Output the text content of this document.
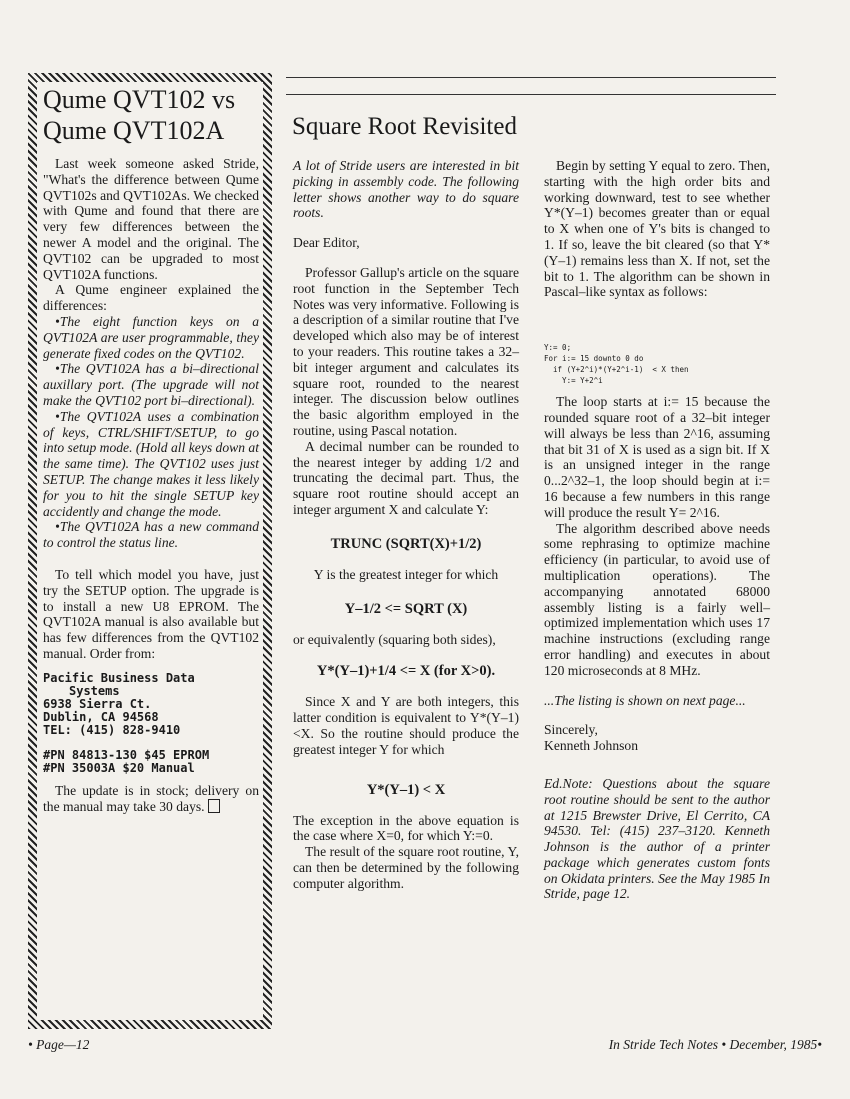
Qume QVT102 vs Qume QVT102A

Last week someone asked Stride, "What's the difference between Qume QVT102s and QVT102As. We checked with Qume and found that there are very few differences between the newer A model and the original. The QVT102 can be upgraded to most QVT102A functions.

A Qume engineer explained the differences:

•The eight function keys on a QVT102A are user programmable, they generate fixed codes on the QVT102.

•The QVT102A has a bi–directional auxillary port. (The upgrade will not make the QVT102 port bi–directional).

•The QVT102A uses a combination of keys, CTRL/SHIFT/SETUP, to go into setup mode. (Hold all keys down at the same time). The QVT102 uses just SETUP. The change makes it less likely for you to hit the single SETUP key accidently and change the mode.

•The QVT102A has a new command to control the status line.

To tell which model you have, just try the SETUP option. The upgrade is to install a new U8 EPROM. The QVT102A manual is also available but has few differences from the QVT102 manual. Order from:

Pacific Business Data
Systems
6938 Sierra Ct.
Dublin, CA 94568
TEL: (415) 828-9410
#PN 84813-130 $45 EPROM
#PN 35003A $20 Manual

The update is in stock; delivery on the manual may take 30 days.

Square Root Revisited

A lot of Stride users are interested in bit picking in assembly code. The following letter shows another way to do square roots.

Dear Editor,

Professor Gallup's article on the square root function in the September Tech Notes was very informative. Following is a description of a similar routine that I've developed which also may be of interest to your readers. This routine takes a 32–bit integer argument and calculates its square root, rounded to the nearest integer. The discussion below outlines the basic algorithm employed in the routine, using Pascal notation.

A decimal number can be rounded to the nearest integer by adding 1/2 and truncating the decimal part. Thus, the square root routine should accept an integer argument X and calculate Y:

TRUNC (SQRT(X)+1/2)

Y is the greatest integer for which

Y–1/2 <= SQRT (X)

or equivalently (squaring both sides),

Y*(Y–1)+1/4 <= X (for X>0).

Since X and Y are both integers, this latter condition is equivalent to Y*(Y–1)<X. So the routine should produce the greatest integer Y for which

Y*(Y–1) < X

The exception in the above equation is the case where X=0, for which Y:=0.

The result of the square root routine, Y, can then be determined by the following computer algorithm.

Begin by setting Y equal to zero. Then, starting with the high order bits and working downward, test to see whether Y*(Y–1) becomes greater than or equal to X when one of Y's bits is changed to 1. If so, leave the bit cleared (so that Y*(Y–1) remains less than X. If not, set the bit to 1. The algorithm can be shown in Pascal–like syntax as follows:

Y:= 0;
For i:= 15 downto 0 do
if (Y+2^i)*(Y+2^i-1)  < X then
Y:= Y+2^i

The loop starts at i:= 15 because the rounded square root of a 32–bit integer will always be less than 2^16, assuming that bit 31 of X is used as a sign bit. If X is an unsigned integer in the range 0...2^32–1, the loop should begin at i:= 16 because a few numbers in this range will produce the result Y= 2^16.

The algorithm described above needs some rephrasing to optimize machine efficiency (in particular, to avoid use of multiplication operations). The accompanying annotated 68000 assembly listing is a fairly well–optimized implementation which uses 17 machine instructions (excluding range error handling) and executes in about 120 microseconds at 8 MHz.

...The listing is shown on next page...

Sincerely,

Kenneth Johnson

Ed.Note: Questions about the square root routine should be sent to the author at 1215 Brewster Drive, El Cerrito, CA 94530. Tel: (415) 237–3120. Kenneth Johnson is the author of a printer package which generates custom fonts on Okidata printers. See the May 1985 In Stride, page 12.

• Page—12	In Stride Tech Notes • December, 1985•
